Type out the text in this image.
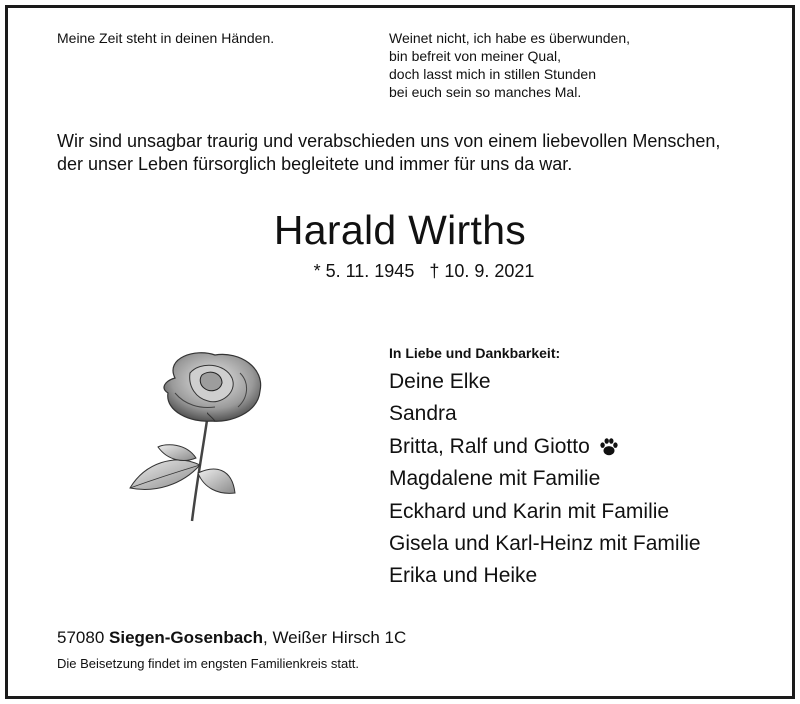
Meine Zeit steht in deinen Händen.	Weinet nicht, ich habe es überwunden,
bin befreit von meiner Qual,
doch lasst mich in stillen Stunden
bei euch sein so manches Mal.
Wir sind unsagbar traurig und verabschieden uns von einem liebevollen Menschen,
der unser Leben fürsorglich begleitete und immer für uns da war.
Harald Wirths
* 5. 11. 1945   † 10. 9. 2021
In Liebe und Dankbarkeit:
Deine Elke
Sandra
Britta, Ralf und Giotto
Magdalene mit Familie
Eckhard und Karin mit Familie
Gisela und Karl-Heinz mit Familie
Erika und Heike
57080 Siegen-Gosenbach, Weißer Hirsch 1C
Die Beisetzung findet im engsten Familienkreis statt.
